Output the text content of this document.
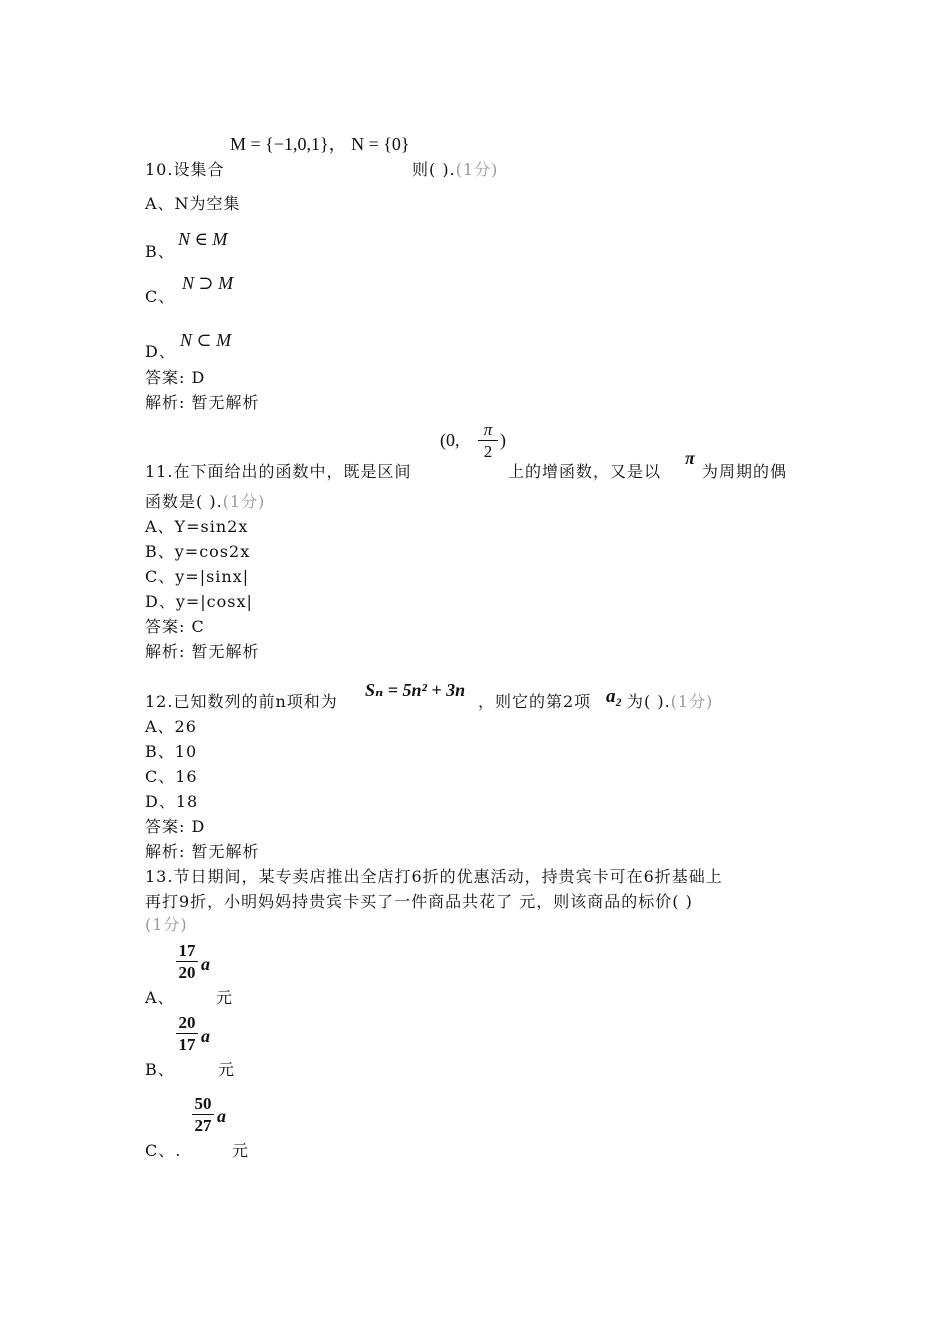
M = {−1,0,1}， N = {0}
10.设集合	则( ).(1分)
A、N为空集
N ∈ M
B、
N ⊃ M
C、
N ⊂ M
D、
答案: D
解析: 暂无解析
(0,
π
2
)
π
11.在下面给出的函数中，既是区间	上的增函数，又是以	为周期的偶
函数是( ).(1分)
A、Y=sin2x
B、y=cos2x
C、y=|sinx|
D、y=|cosx|
答案: C
解析: 暂无解析
12.已知数列的前n项和为
Sₙ = 5n² + 3n
，则它的第2项 a₂ 为( ).(1分)
A、26
B、10
C、16
D、18
答案: D
解析: 暂无解析
13.节日期间，某专卖店推出全店打6折的优惠活动，持贵宾卡可在6折基础上
再打9折，小明妈妈持贵宾卡买了一件商品共花了 元，则该商品的标价( )
(1分)
17
20 a
A、	元
20
17 a
B、	元
50
27 a
C、.	元
